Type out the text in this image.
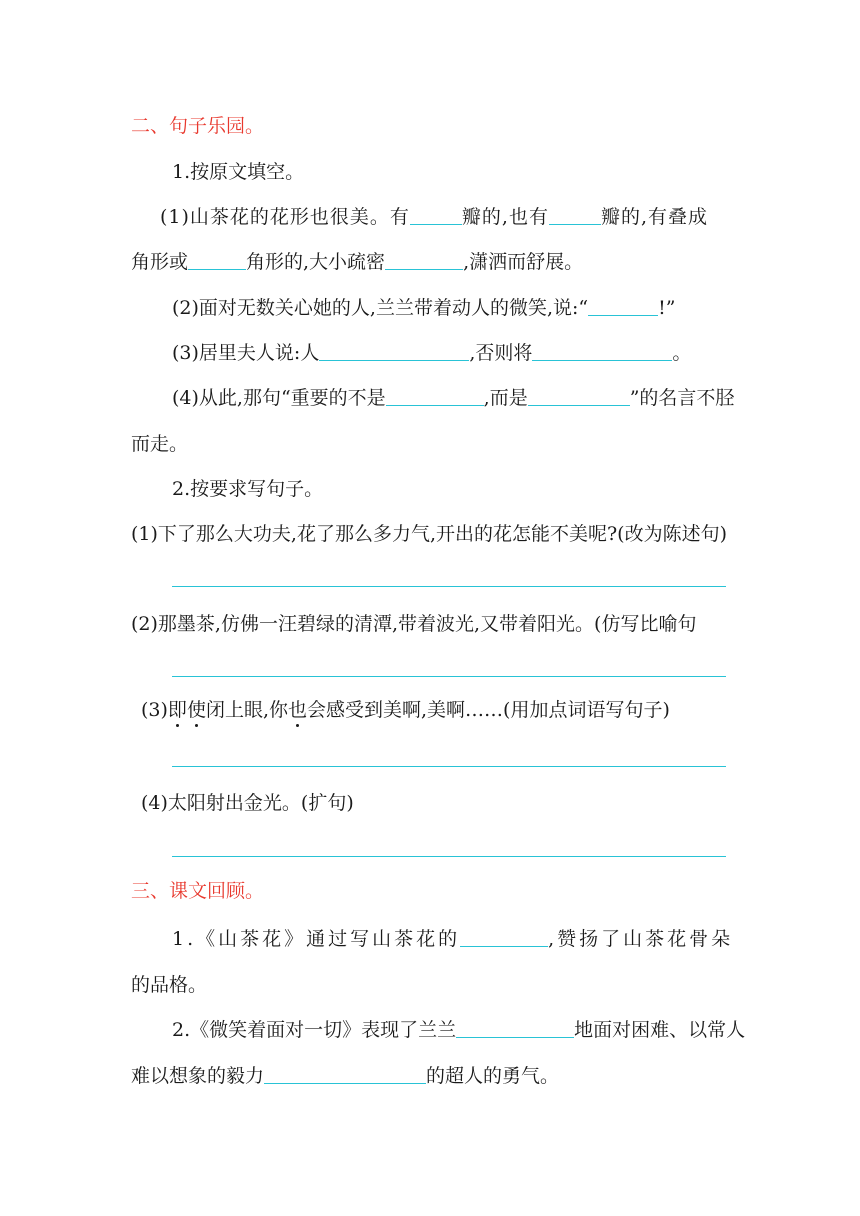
二、句子乐园。
1.按原文填空。
(1)山茶花的花形也很美。有	瓣的,也有	瓣的,有叠成
角形或	角形的,大小疏密	,潇洒而舒展。
(2)面对无数关心她的人,兰兰带着动人的微笑,说:“	!”
(3)居里夫人说:人	,否则将	。
(4)从此,那句“重要的不是	,而是	”的名言不胫
而走。
2.按要求写句子。
(1)下了那么大功夫,花了那么多力气,开出的花怎能不美呢?(改为陈述句)
(2)那墨茶,仿佛一汪碧绿的清潭,带着波光,又带着阳光。(仿写比喻句
(3)即使闭上眼,你也会感受到美啊,美啊……(用加点词语写句子)
(4)太阳射出金光。(扩句)
三、课文回顾。
1.《山茶花》通过写山茶花的	,赞扬了山茶花骨朵
的品格。
2.《微笑着面对一切》表现了兰兰	地面对困难、以常人
难以想象的毅力	的超人的勇气。
